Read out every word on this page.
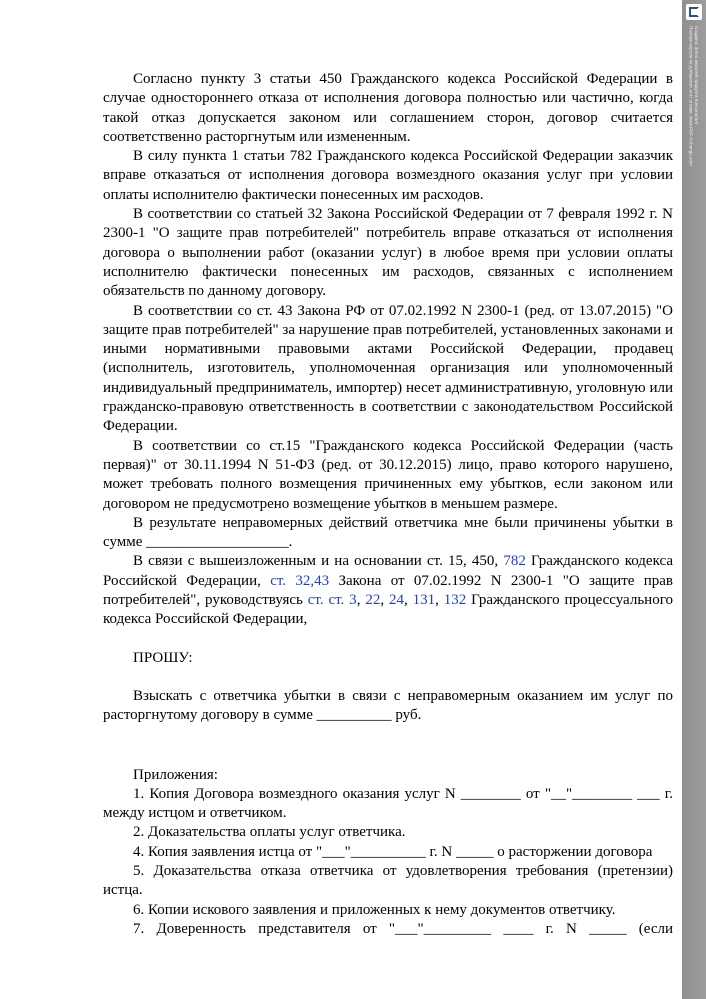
Согласно пункту 3 статьи 450 Гражданского кодекса Российской Федерации в случае одностороннего отказа от исполнения договора полностью или частично, когда такой отказ допускается законом или соглашением сторон, договор считается соответственно расторгнутым или измененным.

В силу пункта 1 статьи 782 Гражданского кодекса Российской Федерации заказчик вправе отказаться от исполнения договора возмездного оказания услуг при условии оплаты исполнителю фактически понесенных им расходов.

В соответствии со статьей 32 Закона Российской Федерации от 7 февраля 1992 г. N 2300-1 "О защите прав потребителей" потребитель вправе отказаться от исполнения договора о выполнении работ (оказании услуг) в любое время при условии оплаты исполнителю фактически понесенных им расходов, связанных с исполнением обязательств по данному договору.

В соответствии со ст. 43 Закона РФ от 07.02.1992 N 2300-1 (ред. от 13.07.2015) "О защите прав потребителей" за нарушение прав потребителей, установленных законами и иными нормативными правовыми актами Российской Федерации, продавец (исполнитель, изготовитель, уполномоченная организация или уполномоченный индивидуальный предприниматель, импортер) несет административную, уголовную или гражданско-правовую ответственность в соответствии с законодательством Российской Федерации.

В соответствии со ст.15 "Гражданского кодекса Российской Федерации (часть первая)" от 30.11.1994 N 51-ФЗ (ред. от 30.12.2015) лицо, право которого нарушено, может требовать полного возмещения причиненных ему убытков, если законом или договором не предусмотрено возмещение убытков в меньшем размере.

В результате неправомерных действий ответчика мне были причинены убытки в сумме ___________________.

В связи с вышеизложенным и на основании ст. 15, 450, 782 Гражданского кодекса Российской Федерации, ст. 32,43 Закона от 07.02.1992 N 2300-1 "О защите прав потребителей", руководствуясь ст. ст. 3, 22, 24, 131, 132 Гражданского процессуального кодекса Российской Федерации,

ПРОШУ:

Взыскать с ответчика убытки в связи с неправомерным оказанием им услуг по расторгнутому договору в сумме __________ руб.

Приложения:

1. Копия Договора возмездного оказания услуг N ________ от "__"________ ___ г. между истцом и ответчиком.

2. Доказательства оплаты услуг ответчика.

4. Копия заявления истца от "___"__________ г. N _____ о расторжении договора

5. Доказательства отказа ответчика от удовлетворения требования (претензии) истца.

6. Копии искового заявления и приложенных к нему документов ответчику.

7. Доверенность представителя от "___"_________ ____ г. N _____ (если

Создано: demo версией продукта Консультант
Полная версия не добавляет этот штамп. www.PDF-Xchange.com
